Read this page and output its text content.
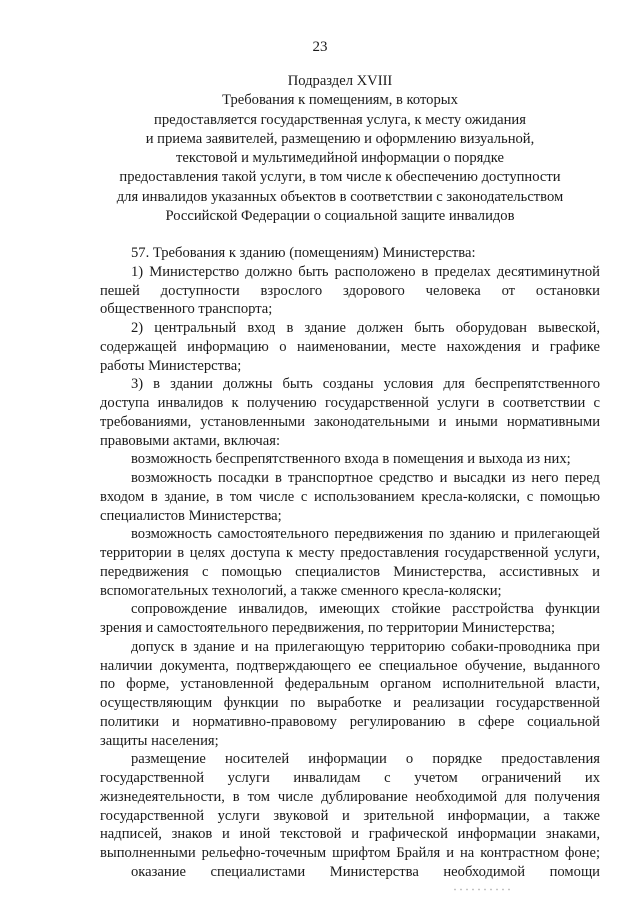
23
Подраздел XVIII
Требования к помещениям, в которых
предоставляется государственная услуга, к месту ожидания
и приема заявителей, размещению и оформлению визуальной,
текстовой и мультимедийной информации о порядке
предоставления такой услуги, в том числе к обеспечению доступности
для инвалидов указанных объектов в соответствии с законодательством
Российской Федерации о социальной защите инвалидов
57. Требования к зданию (помещениям) Министерства:
1) Министерство должно быть расположено в пределах десятиминутной
пешей доступности взрослого здорового человека от остановки
общественного транспорта;
2) центральный вход в здание должен быть оборудован вывеской,
содержащей информацию о наименовании, месте нахождения и графике
работы Министерства;
3) в здании должны быть созданы условия для беспрепятственного
доступа инвалидов к получению государственной услуги в соответствии с
требованиями, установленными законодательными и иными нормативными
правовыми актами, включая:
возможность беспрепятственного входа в помещения и выхода из них;
возможность посадки в транспортное средство и высадки из него перед
входом в здание, в том числе с использованием кресла-коляски, с помощью
специалистов Министерства;
возможность самостоятельного передвижения по зданию и прилегающей
территории в целях доступа к месту предоставления государственной услуги,
передвижения с помощью специалистов Министерства, ассистивных и
вспомогательных технологий, а также сменного кресла-коляски;
сопровождение инвалидов, имеющих стойкие расстройства функции
зрения и самостоятельного передвижения, по территории Министерства;
допуск в здание и на прилегающую территорию собаки-проводника при
наличии документа, подтверждающего ее специальное обучение, выданного
по форме, установленной федеральным органом исполнительной власти,
осуществляющим функции по выработке и реализации государственной
политики и нормативно-правовому регулированию в сфере социальной
защиты населения;
размещение носителей информации о порядке предоставления
государственной услуги инвалидам с учетом ограничений их
жизнедеятельности, в том числе дублирование необходимой для получения
государственной услуги звуковой и зрительной информации, а также
надписей, знаков и иной текстовой и графической информации знаками,
выполненными рельефно-точечным шрифтом Брайля и на контрастном фоне;
оказание специалистами Министерства необходимой помощи
